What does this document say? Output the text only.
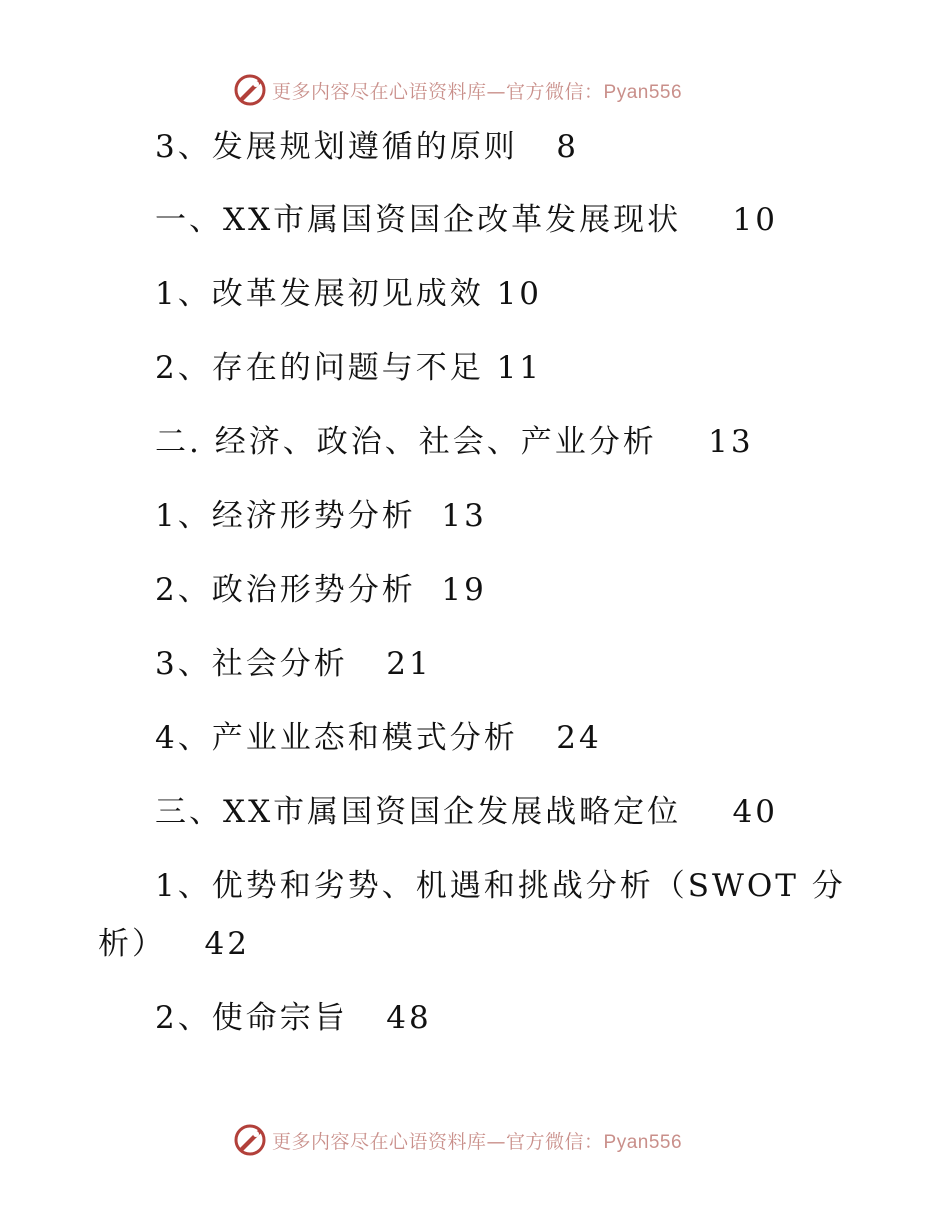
更多内容尽在心语资料库—官方微信：Pyan556
3、发展规划遵循的原则   8
一、XX市属国资国企改革发展现状    10
1、改革发展初见成效 10
2、存在的问题与不足 11
二. 经济、政治、社会、产业分析    13
1、经济形势分析  13
2、政治形势分析  19
3、社会分析   21
4、产业业态和模式分析   24
三、XX市属国资国企发展战略定位    40
1、优势和劣势、机遇和挑战分析（SWOT 分
析）   42
2、使命宗旨   48
更多内容尽在心语资料库—官方微信：Pyan556
